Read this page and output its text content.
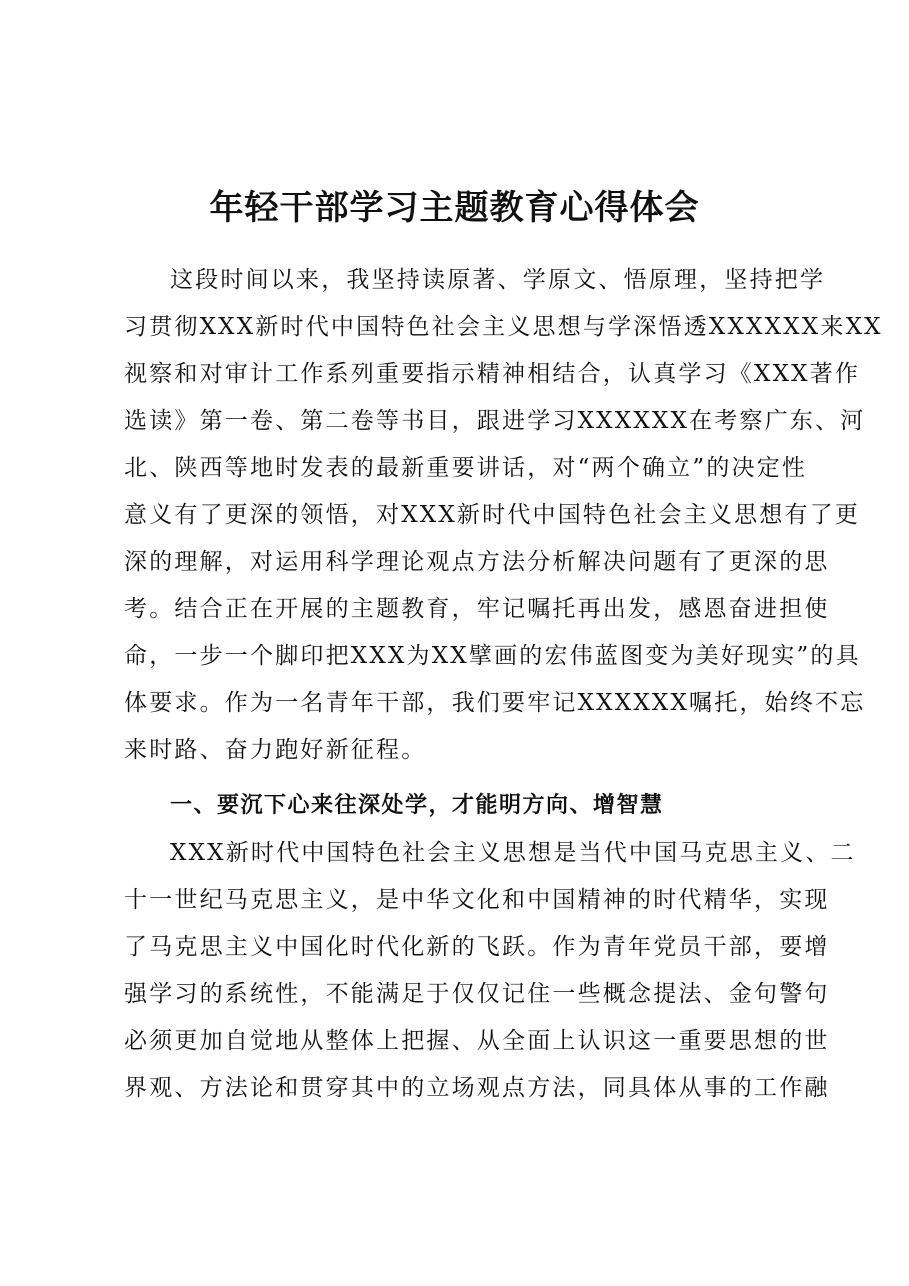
年轻干部学习主题教育心得体会
这段时间以来，我坚持读原著、学原文、悟原理，坚持把学
习贯彻XXX新时代中国特色社会主义思想与学深悟透XXXXXX来XX
视察和对审计工作系列重要指示精神相结合，认真学习《XXX著作
选读》第一卷、第二卷等书目，跟进学习XXXXXX在考察广东、河
北、陕西等地时发表的最新重要讲话，对“两个确立”的决定性
意义有了更深的领悟，对XXX新时代中国特色社会主义思想有了更
深的理解，对运用科学理论观点方法分析解决问题有了更深的思
考。结合正在开展的主题教育，牢记嘱托再出发，感恩奋进担使
命，一步一个脚印把XXX为XX擘画的宏伟蓝图变为美好现实”的具
体要求。作为一名青年干部，我们要牢记XXXXXX嘱托，始终不忘
来时路、奋力跑好新征程。
一、要沉下心来往深处学，才能明方向、增智慧
XXX新时代中国特色社会主义思想是当代中国马克思主义、二
十一世纪马克思主义，是中华文化和中国精神的时代精华，实现
了马克思主义中国化时代化新的飞跃。作为青年党员干部，要增
强学习的系统性，不能满足于仅仅记住一些概念提法、金句警句
必须更加自觉地从整体上把握、从全面上认识这一重要思想的世
界观、方法论和贯穿其中的立场观点方法，同具体从事的工作融
